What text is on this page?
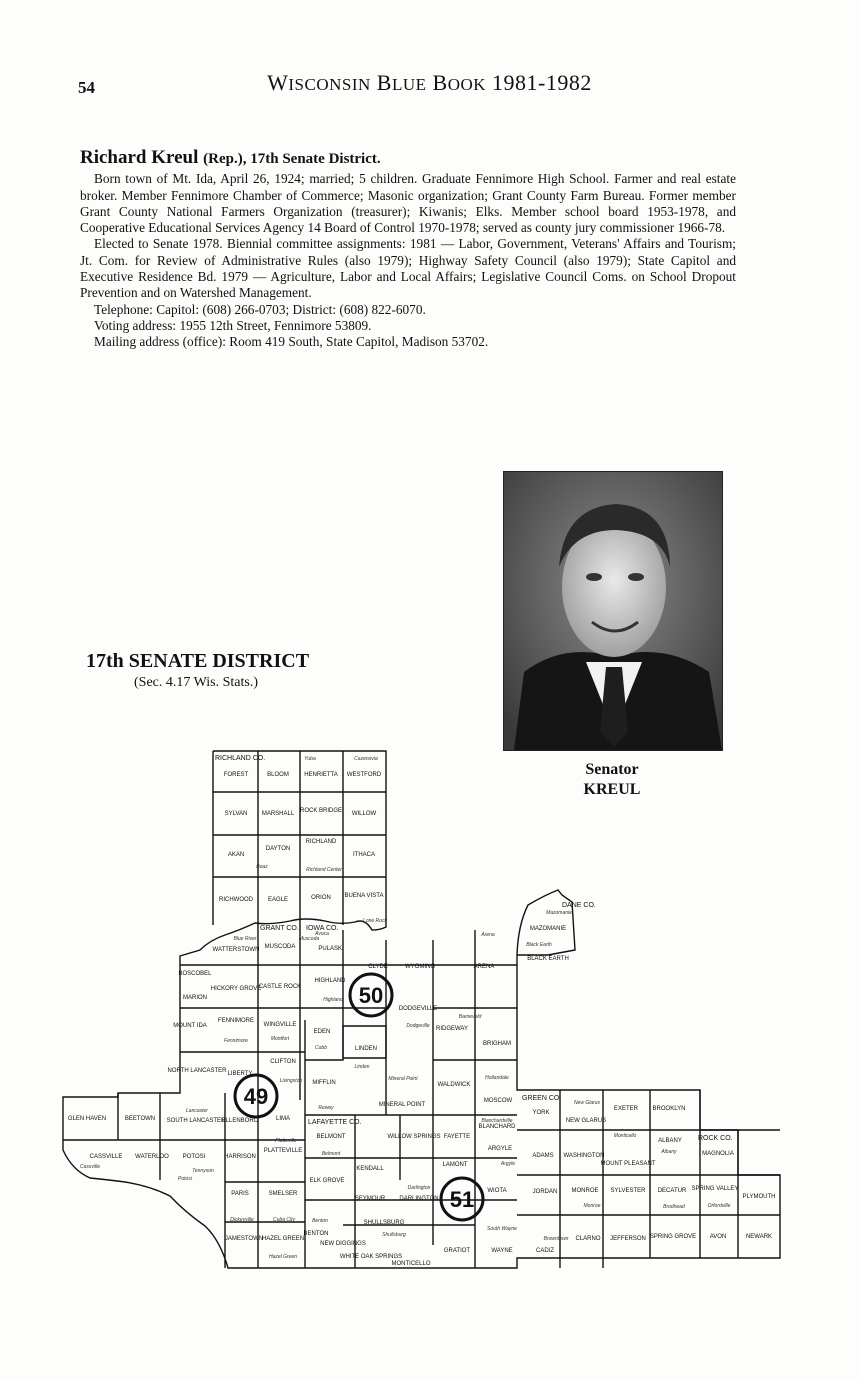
54	WISCONSIN BLUE BOOK 1981-1982
Richard Kreul (Rep.), 17th Senate District.

Born town of Mt. Ida, April 26, 1924; married; 5 children. Graduate Fennimore High School. Farmer and real estate broker. Member Fennimore Chamber of Commerce; Masonic organization; Grant County Farm Bureau. Former member Grant County National Farmers Organization (treasurer); Kiwanis; Elks. Member school board 1953-1978, and Cooperative Educational Services Agency 14 Board of Control 1970-1978; served as county jury commissioner 1966-78.

Elected to Senate 1978. Biennial committee assignments: 1981 — Labor, Government, Veterans' Affairs and Tourism; Jt. Com. for Review of Administrative Rules (also 1979); Highway Safety Council (also 1979); State Capitol and Executive Residence Bd. 1979 — Agriculture, Labor and Local Affairs; Legislative Council Coms. on School Dropout Prevention and on Watershed Management.

Telephone: Capitol: (608) 266-0703; District: (608) 822-6070.

Voting address: 1955 12th Street, Fennimore 53809.

Mailing address (office): Room 419 South, State Capitol, Madison 53702.

Senator
KREUL
17th SENATE DISTRICT
(Sec. 4.17 Wis. Stats.)
50
49
51
RICHLAND CO.
GRANT CO. IOWA CO.
LAFAYETTE CO.
GREEN CO.
ROCK CO.
DANE CO.
FOREST	BLOOM	HENRIETTA WESTFORD
SYLVAN MARSHALL ROCK BRIDGE WILLOW
AKAN
DAYTON
RICHLAND
ITHACA
RICHWOOD EAGLE	ORION BUENA VISTA
WATTERSTOWN MUSCODA
BOSCOBEL
MARION
HICKORY GROVE
CASTLE ROCK
MOUNT IDA
FENNIMORE
WINGVILLE
NORTH LANCASTER LIBERTY
CLIFTON
GLEN HAVEN	BEETOWN SOUTH LANCASTER
ELLENBORO	LIMA
CASSVILLE WATERLOO POTOSI	HARRISON
PLATTEVILLE
PARIS	SMELSER
JAMESTOWN
HAZEL GREEN
PULASKI
CLYDE	WYOMING	ARENA
HIGHLAND
DODGEVILLE
RIDGEWAY
BRIGHAM
EDEN
LINDEN
MIFFLIN
MINERAL POINT
WALDWICK
MOSCOW
MAZOMANIE
BLACK EARTH
BELMONT	WILLOW SPRINGS FAYETTE
BLANCHARD
KENDALL
LAMONT
ARGYLE
ELK GROVE
SEYMOUR DARLINGTON
WIOTA
BENTON
NEW DIGGINGS
SHULLSBURG
WHITE OAK SPRINGS
MONTICELLO
GRATIOT	WAYNE
YORK
NEW GLARUS
EXETER BROOKLYN
ADAMS WASHINGTON
MOUNT PLEASANT
ALBANY
JORDAN MONROE SYLVESTER DECATUR
CADIZ
CLARNO JEFFERSON SPRING GROVE
MAGNOLIA
SPRING VALLEY
PLYMOUTH
AVON	NEWARK
Yuba	Cazenovia
Boaz	Richland Center
Lone Rock
Avoca
Muscoda
Blue River
Arena
Mazomanie
Black Earth
Highland
Barneveld
Dodgeville
Fennimore	Montfort
Cobb
Linden
Livingston	Mineral Point	Hollandale
Rewey
Lancaster
Blanchardville
Belmont
New Glarus
Monticello
Albany
Platteville
Tennyson
Cassville
Potosi
Argyle
Dickeyville	Cuba City
Darlington
Shullsburg
Monroe	Brodhead	Orfordville
South Wayne
Browntown
Hazel Green
Benton
